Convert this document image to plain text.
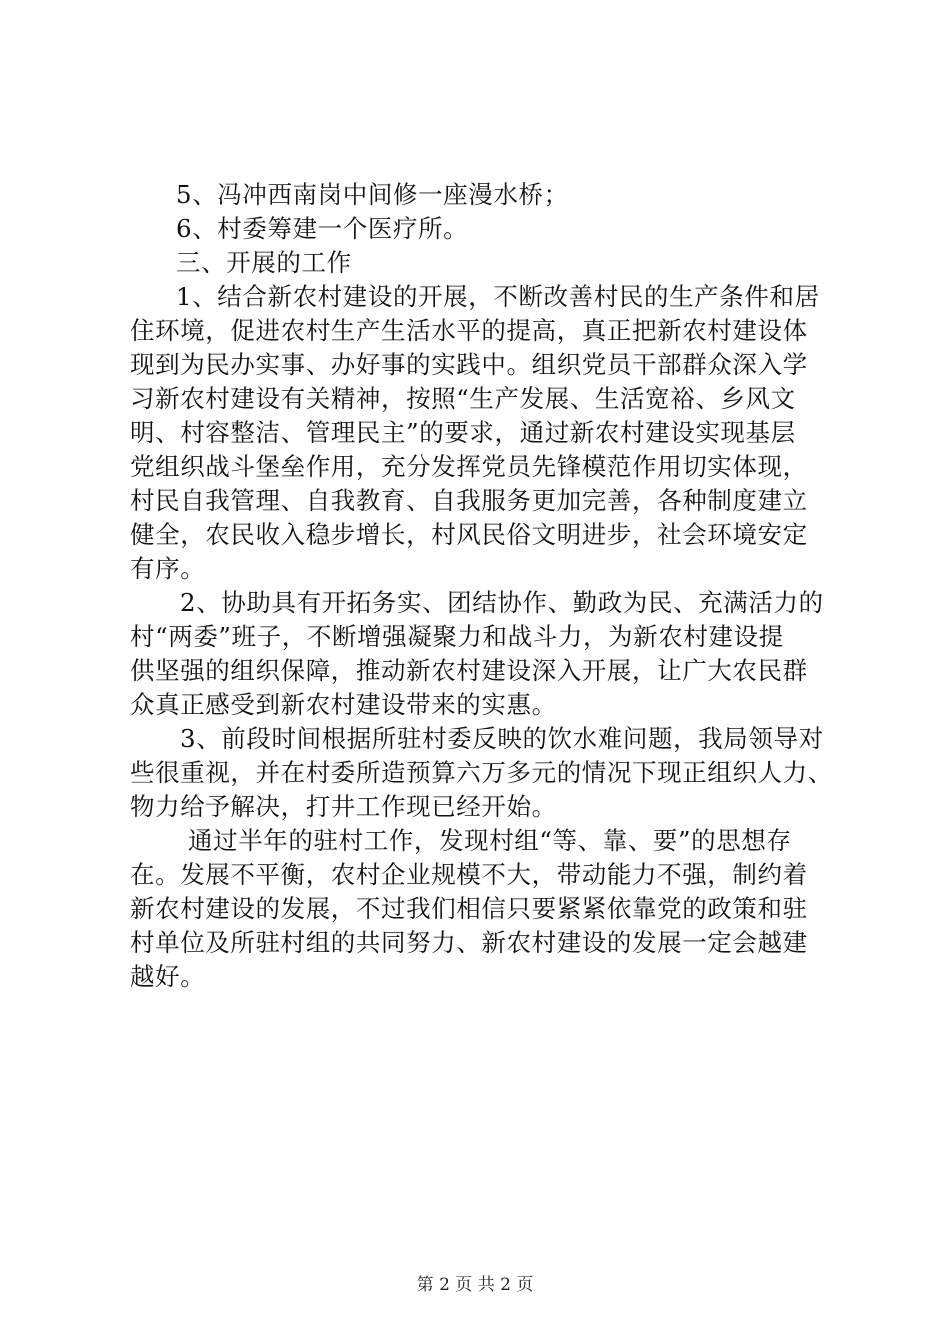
5、冯冲西南岗中间修一座漫水桥；
6、村委筹建一个医疗所。
三、开展的工作
1、结合新农村建设的开展，不断改善村民的生产条件和居
住环境，促进农村生产生活水平的提高，真正把新农村建设体
现到为民办实事、办好事的实践中。组织党员干部群众深入学
习新农村建设有关精神，按照“生产发展、生活宽裕、乡风文
明、村容整洁、管理民主”的要求，通过新农村建设实现基层
党组织战斗堡垒作用，充分发挥党员先锋模范作用切实体现，
村民自我管理、自我教育、自我服务更加完善，各种制度建立
健全，农民收入稳步增长，村风民俗文明进步，社会环境安定
有序。
2、协助具有开拓务实、团结协作、勤政为民、充满活力的
村“两委”班子，不断增强凝聚力和战斗力，为新农村建设提
供坚强的组织保障，推动新农村建设深入开展，让广大农民群
众真正感受到新农村建设带来的实惠。
3、前段时间根据所驻村委反映的饮水难问题，我局领导对
些很重视，并在村委所造预算六万多元的情况下现正组织人力、
物力给予解决，打井工作现已经开始。
通过半年的驻村工作，发现村组“等、靠、要”的思想存
在。发展不平衡，农村企业规模不大，带动能力不强，制约着
新农村建设的发展，不过我们相信只要紧紧依靠党的政策和驻
村单位及所驻村组的共同努力、新农村建设的发展一定会越建
越好。
第 2 页 共 2 页
